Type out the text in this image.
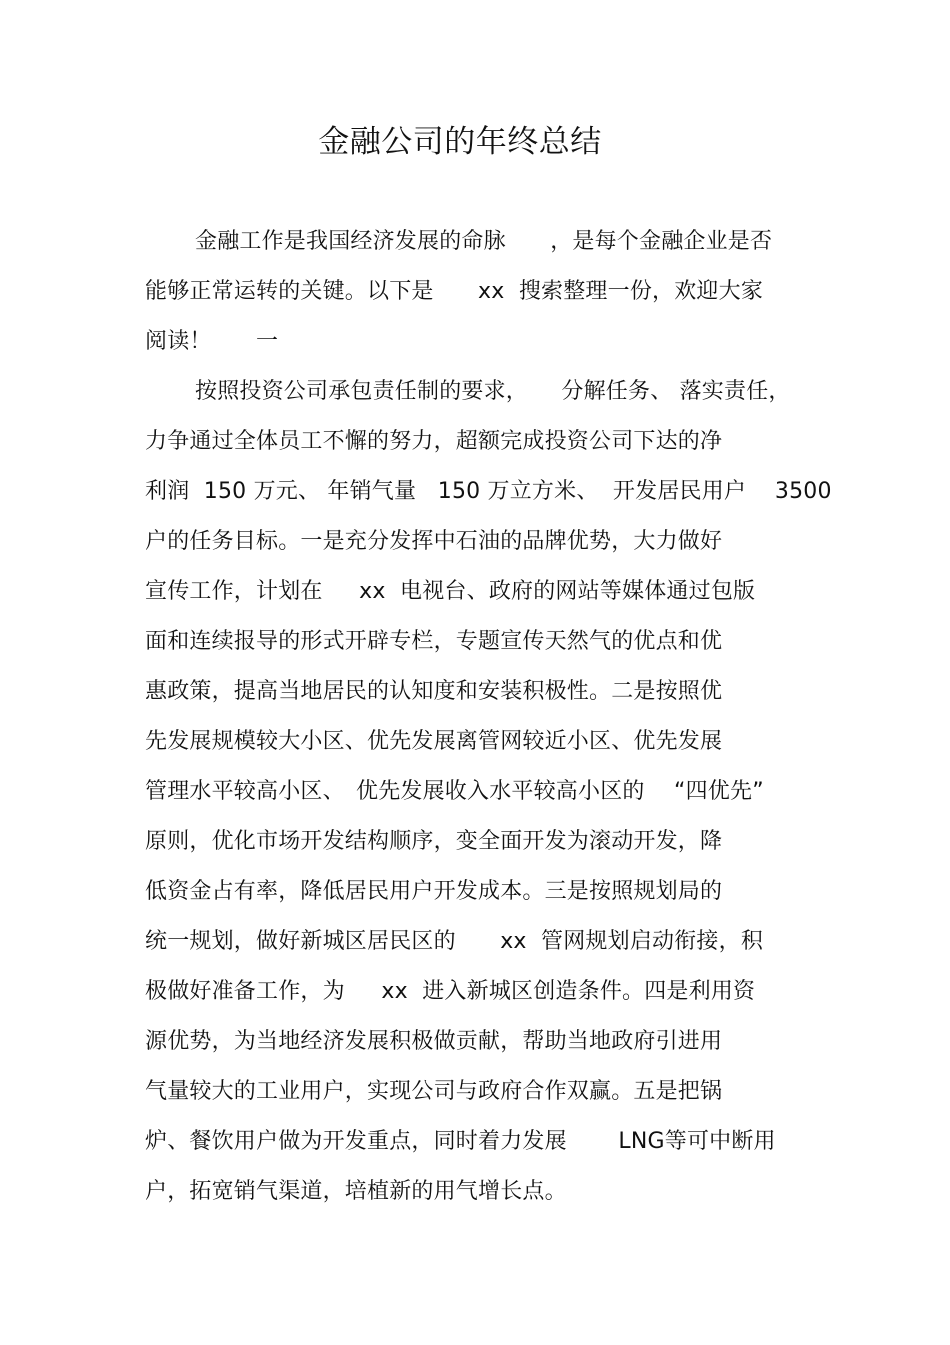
金融公司的年终总结
金融工作是我国经济发展的命脉　　，是每个金融企业是否
能够正常运转的关键。以下是　　xx  搜索整理一份，欢迎大家
阅读！　　一
按照投资公司承包责任制的要求，　　分解任务、 落实责任，
力争通过全体员工不懈的努力，超额完成投资公司下达的净
利润  150 万元、 年销气量   150 万立方米、  开发居民用户    3500
户的任务目标。一是充分发挥中石油的品牌优势，大力做好
宣传工作，计划在　  xx  电视台、政府的网站等媒体通过包版
面和连续报导的形式开辟专栏，专题宣传天然气的优点和优
惠政策，提高当地居民的认知度和安装积极性。二是按照优
先发展规模较大小区、优先发展离管网较近小区、优先发展
管理水平较高小区、　优先发展收入水平较高小区的　 “四优先”
原则，优化市场开发结构顺序，变全面开发为滚动开发，降
低资金占有率，降低居民用户开发成本。三是按照规划局的
统一规划，做好新城区居民区的　　xx  管网规划启动衔接，积
极做好准备工作，为　  xx  进入新城区创造条件。四是利用资
源优势，为当地经济发展积极做贡献，帮助当地政府引进用
气量较大的工业用户，实现公司与政府合作双赢。五是把锅
炉、餐饮用户做为开发重点，同时着力发展　　 LNG等可中断用
户，拓宽销气渠道，培植新的用气增长点。
